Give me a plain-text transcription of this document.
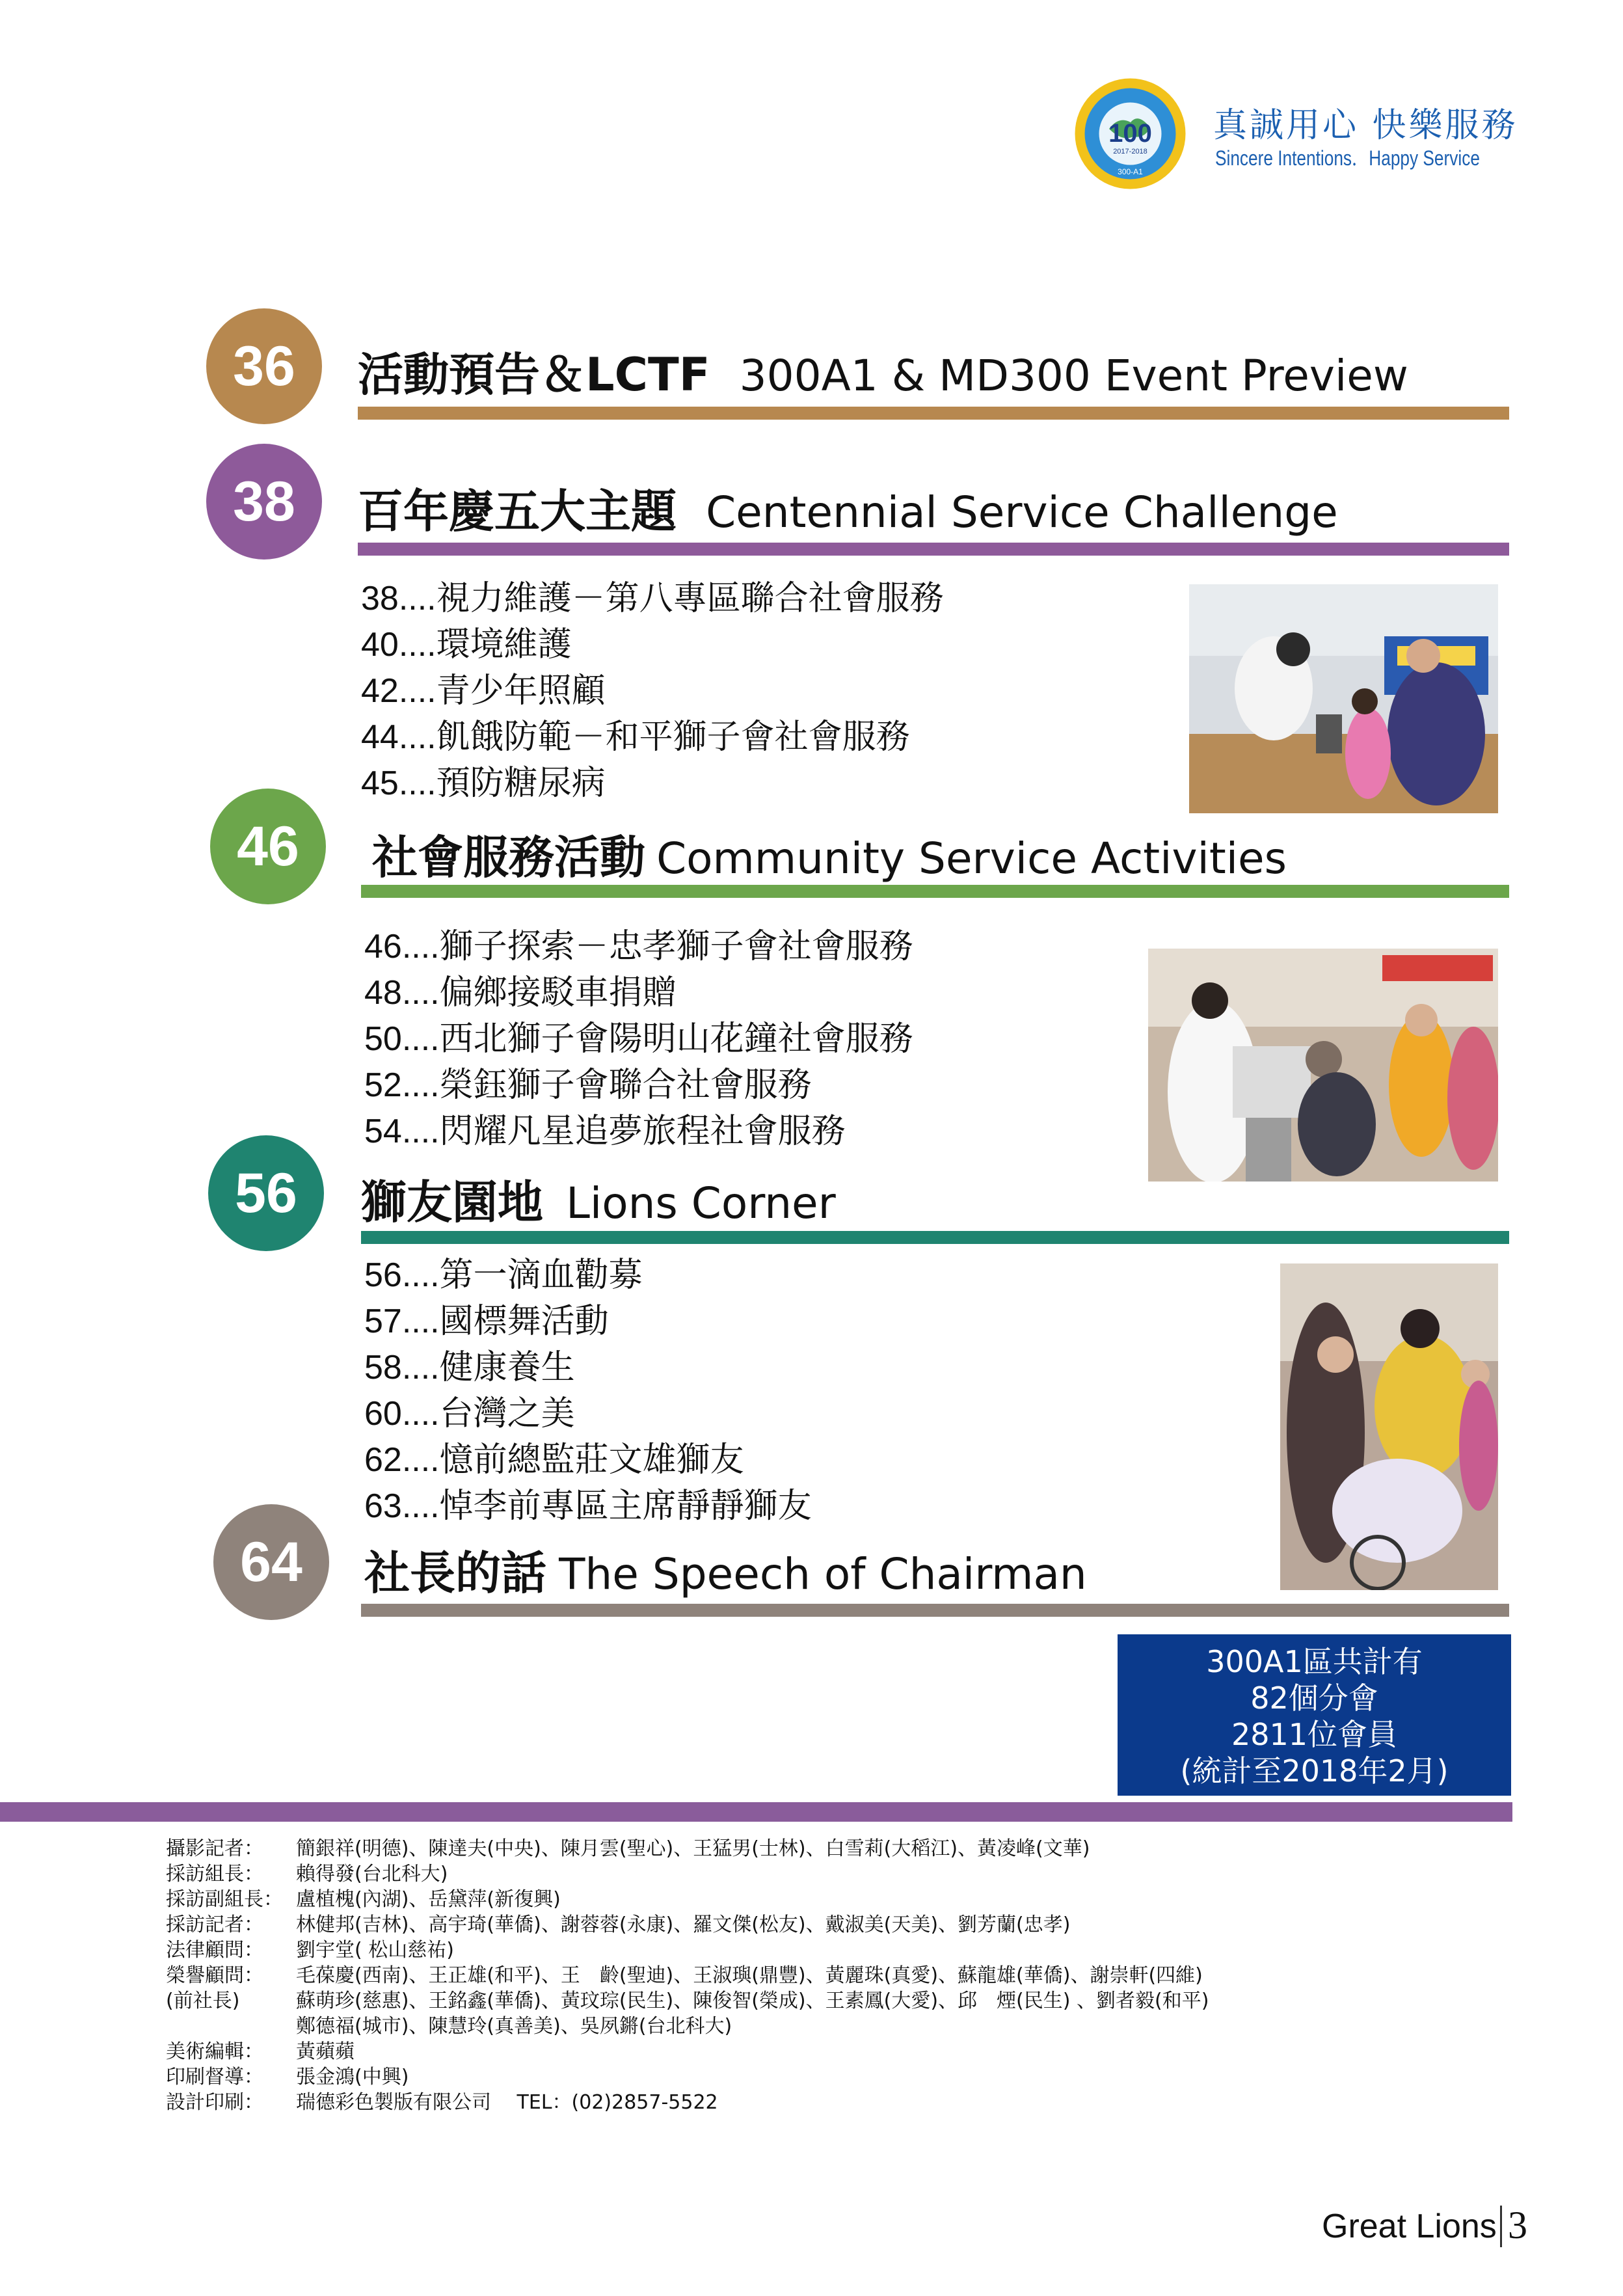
100
2017-2018
300-A1
真誠用心 快樂服務
Sincere Intentions．Happy Service
36	活動預告＆LCTF 300A1 & MD300 Event Preview
38	百年慶五大主題 Centennial Service Challenge
38....視力維護－第八專區聯合社會服務
40....環境維護
42....青少年照顧
44....飢餓防範－和平獅子會社會服務
45....預防糖尿病
46	社會服務活動 Community Service Activities
46....獅子探索－忠孝獅子會社會服務
48....偏鄉接駁車捐贈
50....西北獅子會陽明山花鐘社會服務
52....榮鈺獅子會聯合社會服務
54....閃耀凡星追夢旅程社會服務
56	獅友園地 Lions Corner
56....第一滴血勸募
57....國標舞活動
58....健康養生
60....台灣之美
62....憶前總監莊文雄獅友
63....悼李前專區主席靜靜獅友
64	社長的話 The Speech of Chairman
300A1區共計有
82個分會
2811位會員
(統計至2018年2月)
攝影記者：	簡銀祥(明德)、陳達夫(中央)、陳月雲(聖心)、王猛男(士林)、白雪莉(大稻江)、黃凌峰(文華)
採訪組長：	賴得發(台北科大)
採訪副組長： 盧植槐(內湖)、岳黛萍(新復興)
採訪記者：	林健邦(吉林)、高宇琦(華僑)、謝蓉蓉(永康)、羅文傑(松友)、戴淑美(天美)、劉芳蘭(忠孝)
法律顧問：	劉宇堂( 松山慈祐)
榮譽顧問：	毛葆慶(西南)、王正雄(和平)、王　齡(聖迪)、王淑璵(鼎豐)、黃麗珠(真愛)、蘇龍雄(華僑)、謝崇軒(四維)
(前社長)	蘇萌珍(慈惠)、王銘鑫(華僑)、黃玟琮(民生)、陳俊智(榮成)、王素鳳(大愛)、邱　煙(民生) 、劉者毅(和平)
鄭德福(城市)、陳慧玲(真善美)、吳夙鏘(台北科大)
美術編輯：	黃蘋蘋
印刷督導：	張金鴻(中興)
設計印刷：	瑞德彩色製版有限公司　 TEL：(02)2857-5522
Great Lions 3
